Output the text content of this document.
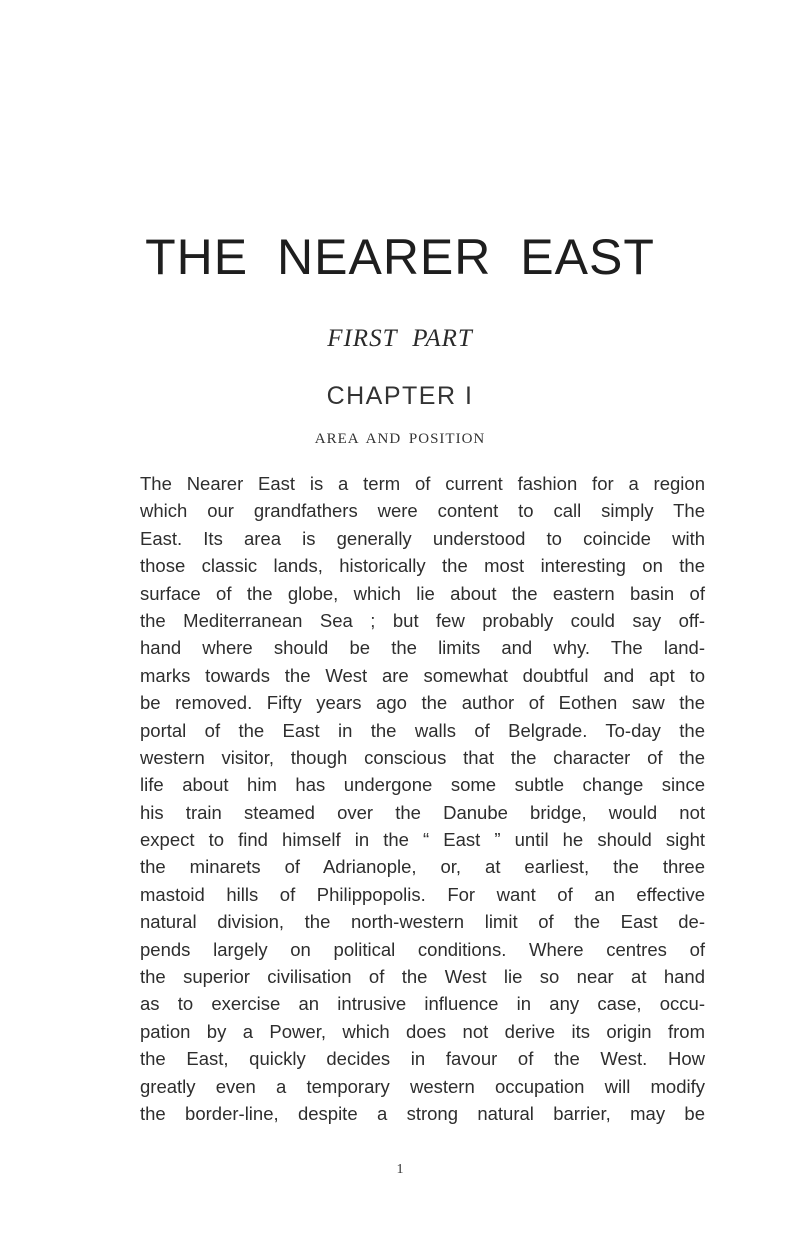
THE NEARER EAST
FIRST PART
CHAPTER I
AREA AND POSITION
The Nearer East is a term of current fashion for a region
which our grandfathers were content to call simply The
East. Its area is generally understood to coincide with
those classic lands, historically the most interesting on the
surface of the globe, which lie about the eastern basin of
the Mediterranean Sea ; but few probably could say off-
hand where should be the limits and why. The land-
marks towards the West are somewhat doubtful and apt to
be removed. Fifty years ago the author of Eothen saw the
portal of the East in the walls of Belgrade. To-day the
western visitor, though conscious that the character of the
life about him has undergone some subtle change since
his train steamed over the Danube bridge, would not
expect to find himself in the “ East ” until he should sight
the minarets of Adrianople, or, at earliest, the three
mastoid hills of Philippopolis. For want of an effective
natural division, the north-western limit of the East de-
pends largely on political conditions. Where centres of
the superior civilisation of the West lie so near at hand
as to exercise an intrusive influence in any case, occu-
pation by a Power, which does not derive its origin from
the East, quickly decides in favour of the West. How
greatly even a temporary western occupation will modify
the border-line, despite a strong natural barrier, may be
1
